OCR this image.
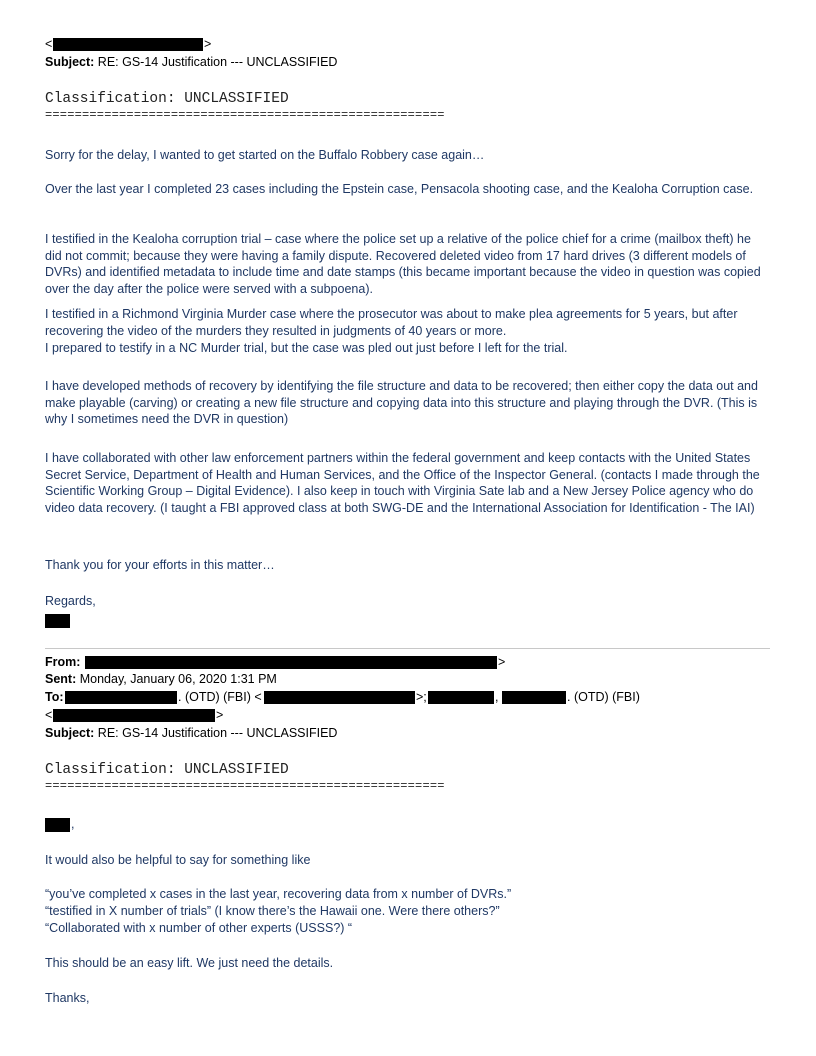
<	>
Subject: RE: GS-14 Justification --- UNCLASSIFIED
Classification: UNCLASSIFIED
======================================================
Sorry for the delay, I wanted to get started on the Buffalo Robbery case again…
Over the last year I completed 23 cases including the Epstein case, Pensacola shooting case, and the Kealoha Corruption case.
I testified in the Kealoha corruption trial – case where the police set up a relative of the police chief for a crime (mailbox theft) he did not commit; because they were having a family dispute. Recovered deleted video from 17 hard drives (3 different models of DVRs) and identified metadata to include time and date stamps (this became important because the video in question was copied over the day after the police were served with a subpoena).
I testified in a Richmond Virginia Murder case where the prosecutor was about to make plea agreements for 5 years, but after recovering the video of the murders they resulted in judgments of 40 years or more.
I prepared to testify in a NC Murder trial, but the case was pled out just before I left for the trial.
I have developed methods of recovery by identifying the file structure and data to be recovered; then either copy the data out and make playable (carving) or creating a new file structure and copying data into this structure and playing through the DVR. (This is why I sometimes need the DVR in question)
I have collaborated with other law enforcement partners within the federal government and keep contacts with the United States Secret Service, Department of Health and Human Services, and the Office of the Inspector General. (contacts I made through the Scientific Working Group – Digital Evidence). I also keep in touch with Virginia Sate lab and a New Jersey Police agency who do video data recovery. (I taught a FBI approved class at both SWG-DE and the International Association for Identification - The IAI)
Thank you for your efforts in this matter…
Regards,
From:	>
Sent: Monday, January 06, 2020 1:31 PM
To:	. (OTD) (FBI) <	>;	,	. (OTD) (FBI)
<	>
Subject: RE: GS-14 Justification --- UNCLASSIFIED
Classification: UNCLASSIFIED
======================================================
,
It would also be helpful to say for something like
“you’ve completed x cases in the last year, recovering data from x number of DVRs.”
“testified in X number of trials” (I know there’s the Hawaii one. Were there others?”
“Collaborated with x number of other experts (USSS?) “
This should be an easy lift. We just need the details.
Thanks,
